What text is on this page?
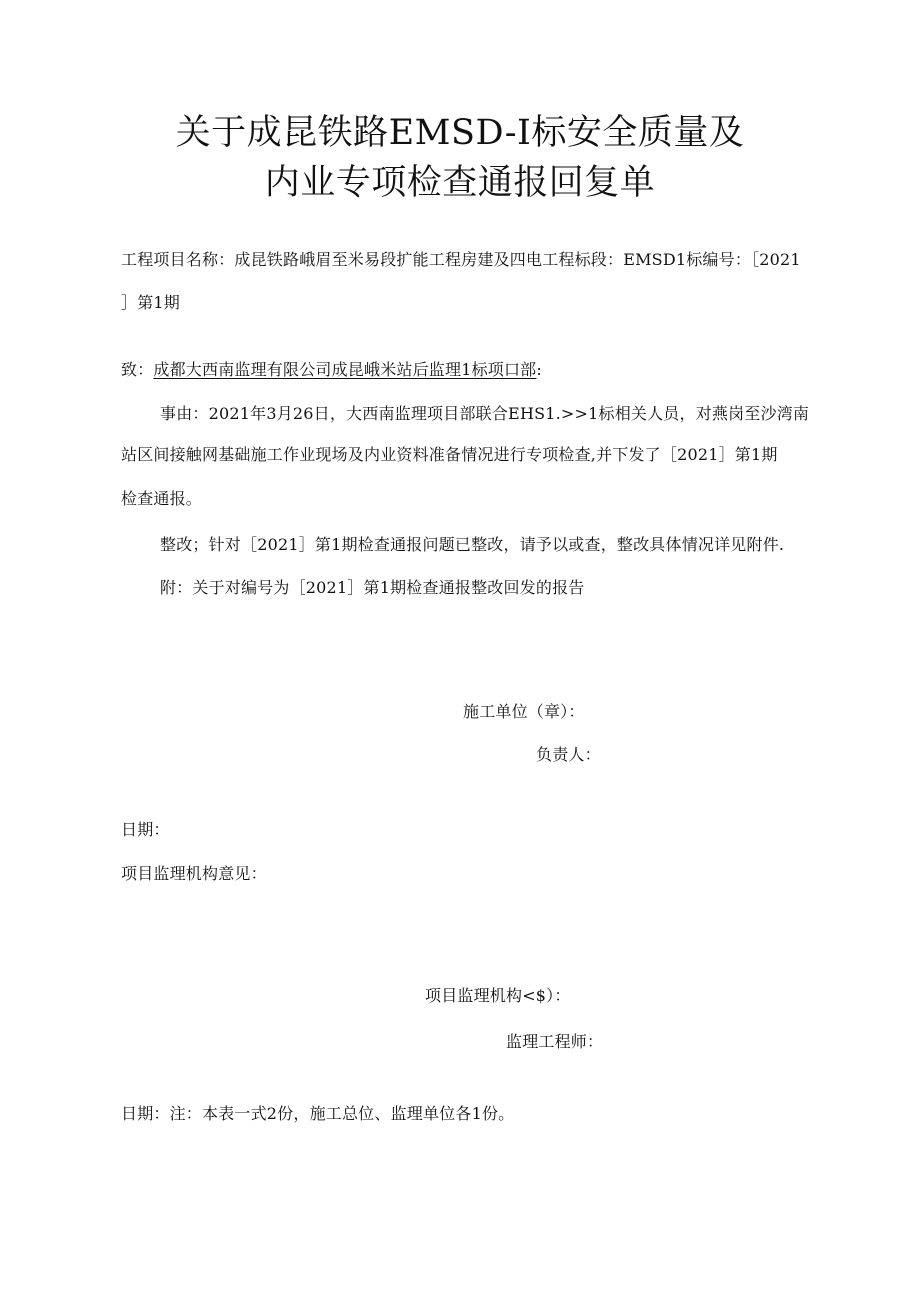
关于成昆铁路EMSD-I标安全质量及
内业专项检查通报回复单
工程项目名称：成昆铁路峨眉至米易段扩能工程房建及四电工程标段：EMSD1标编号：［2021
］第1期
致：成都大西南监理有限公司成昆峨米站后监理1标项口部:
事由：2021年3月26日，大西南监理项目部联合EHS1.>>1标相关人员，对燕岗至沙湾南
站区间接触网基础施工作业现场及内业资料准备情况进行专项检查,并下发了［2021］第1期
检查通报。
整改；针对［2021］第1期检查通报问题已整改，请予以或查，整改具体情况详见附件.
附：关于对编号为［2021］第1期检查通报整改回发的报告
施工单位（章）：
负责人：
日期：
项目监理机构意见：
项目监理机构<$）：
监理工程师：
日期：注：本表一式2份，施工总位、监理单位各1份。
